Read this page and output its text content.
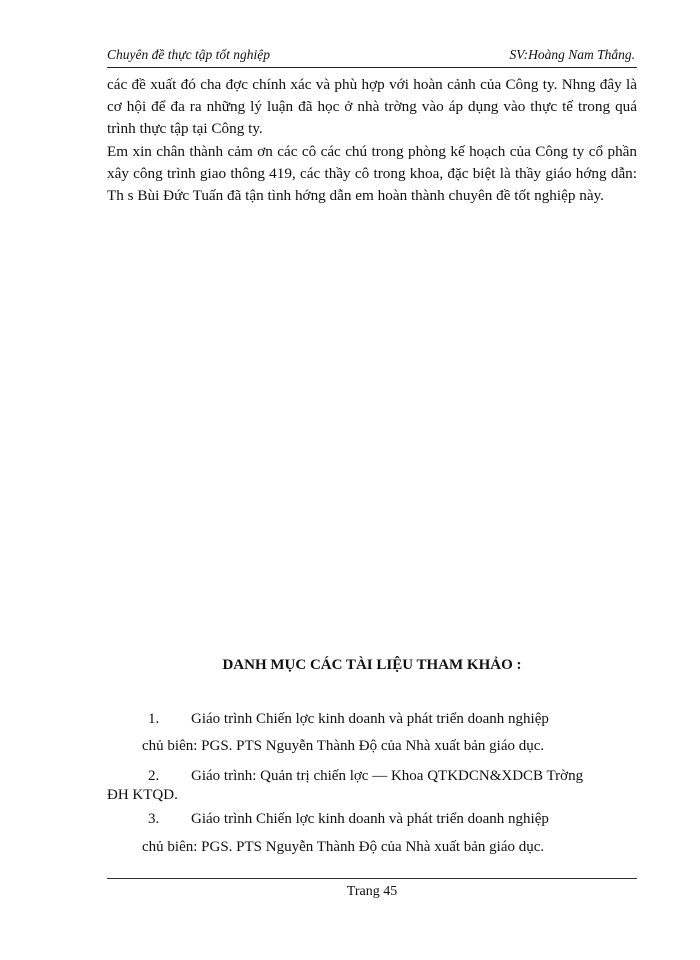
Chuyên đề thực tập tốt nghiệp	SV:Hoàng Nam Thắng.

các đề xuất đó cha đợc chính xác và phù hợp với hoàn cảnh của Công ty. Nhng đây là cơ hội để đa ra những lý luận đã học ở nhà trờng vào áp dụng vào thực tế trong quá trình thực tập tại Công ty.

Em xin chân thành cảm ơn các cô các chú trong phòng kế hoạch của Công ty cổ phần xây công trình giao thông 419, các thầy cô trong khoa, đặc biệt là thầy giáo hớng dẫn: Th s Bùi Đức Tuấn đã tận tình hớng dẫn em hoàn thành chuyên đề tốt nghiệp này.

DANH MỤC CÁC TÀI LIỆU THAM KHẢO :
1. Giáo trình Chiến lợc kinh doanh và phát triển doanh nghiệp
chủ biên: PGS. PTS Nguyễn Thành Độ của Nhà xuất bản giáo dục.
2. Giáo trình: Quản trị chiến lợc — Khoa QTKDCN&XDCB Trờng
ĐH KTQD.
3. Giáo trình Chiến lợc kinh doanh và phát triển doanh nghiệp
chủ biên: PGS. PTS Nguyễn Thành Độ của Nhà xuất bản giáo dục.
Trang 45
